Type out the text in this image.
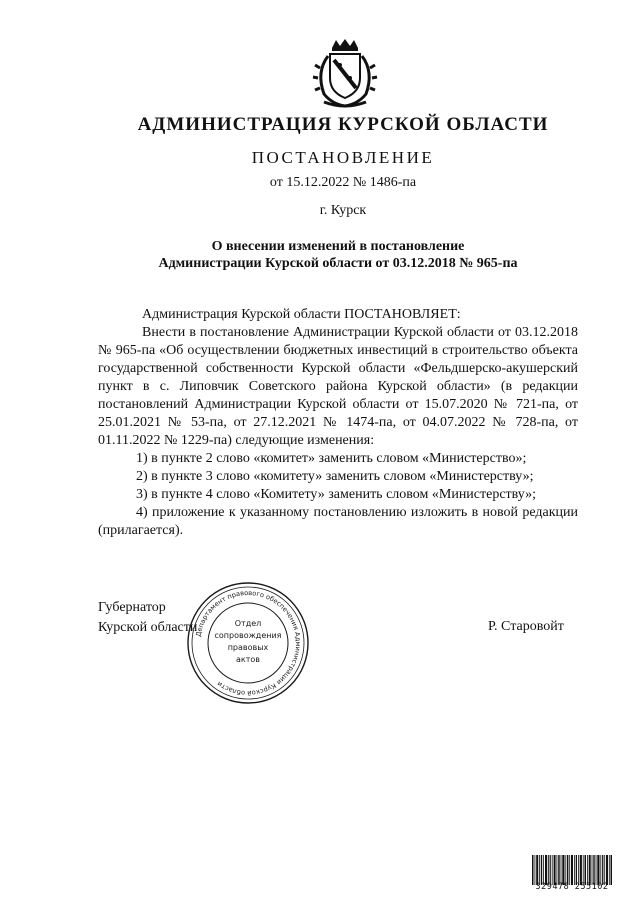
АДМИНИСТРАЦИЯ КУРСКОЙ ОБЛАСТИ
ПОСТАНОВЛЕНИЕ
от 15.12.2022 № 1486-па
г. Курск
О внесении изменений в постановление
Администрации Курской области от 03.12.2018 № 965-па

Администрация Курской области ПОСТАНОВЛЯЕТ:

Внести в постановление Администрации Курской области от 03.12.2018 № 965-па «Об осуществлении бюджетных инвестиций в строительство объекта государственной собственности Курской области «Фельдшерско-акушерский пункт в с. Липовчик Советского района Курской области» (в редакции постановлений Администрации Курской области от 15.07.2020 № 721-па, от 25.01.2021 № 53-па, от 27.12.2021 № 1474-па, от 04.07.2022 № 728-па, от 01.11.2022 № 1229-па) следующие изменения:

1) в пункте 2 слово «комитет» заменить словом «Министерство»;

2) в пункте 3 слово «комитету» заменить словом «Министерству»;

3) в пункте 4 слово «Комитету» заменить словом «Министерству»;

4) приложение к указанному постановлению изложить в новой редакции (прилагается).

Губернатор
Курской области	Р. Старовойт
Департамент правового обеспечения Администрации Курской области
Отдел
сопровождения
правовых
актов
329478 255102
